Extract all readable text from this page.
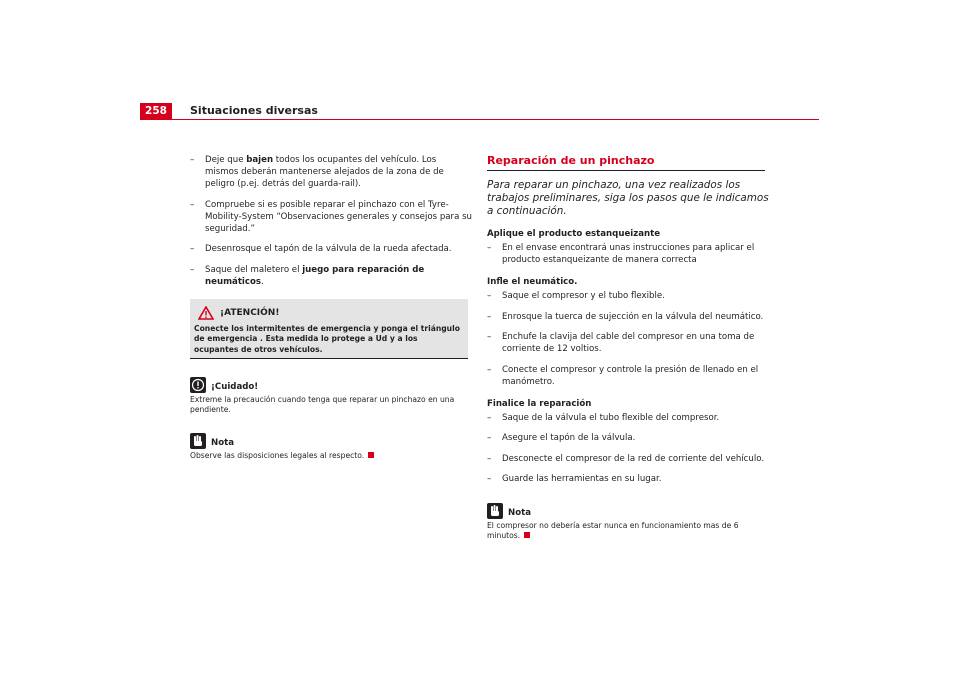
258	Situaciones diversas
– Deje que bajen todos los ocupantes del vehículo. Los mismos deberán mantenerse alejados de la zona de de peligro (p.ej. detrás del guarda-rail).
– Compruebe si es posible reparar el pinchazo con el Tyre-Mobility-System “Observaciones generales y consejos para su seguridad.”
– Desenrosque el tapón de la válvula de la rueda afectada.
– Saque del maletero el juego para reparación de neumáticos.
¡ATENCIÓN!
Conecte los intermitentes de emergencia y ponga el triángulo de emergencia . Esta medida lo protege a Ud y a los ocupantes de otros vehículos.
¡Cuidado!
Extreme la precaución cuando tenga que reparar un pinchazo en una pendiente.
Nota
Observe las disposiciones legales al respecto.
Reparación de un pinchazo
Para reparar un pinchazo, una vez realizados los trabajos preliminares, siga los pasos que le indicamos a continuación.
Aplique el producto estanqueizante
– En el envase encontrará unas instrucciones para aplicar el producto estanqueizante de manera correcta
Infle el neumático.
– Saque el compresor y el tubo flexible.
– Enrosque la tuerca de sujección en la válvula del neumático.
– Enchufe la clavija del cable del compresor en una toma de corriente de 12 voltios.
– Conecte el compresor y controle la presión de llenado en el manómetro.
Finalice la reparación
– Saque de la válvula el tubo flexible del compresor.
– Asegure el tapón de la válvula.
– Desconecte el compresor de la red de corriente del vehículo.
– Guarde las herramientas en su lugar.
Nota
El compresor no debería estar nunca en funcionamiento mas de 6 minutos.
